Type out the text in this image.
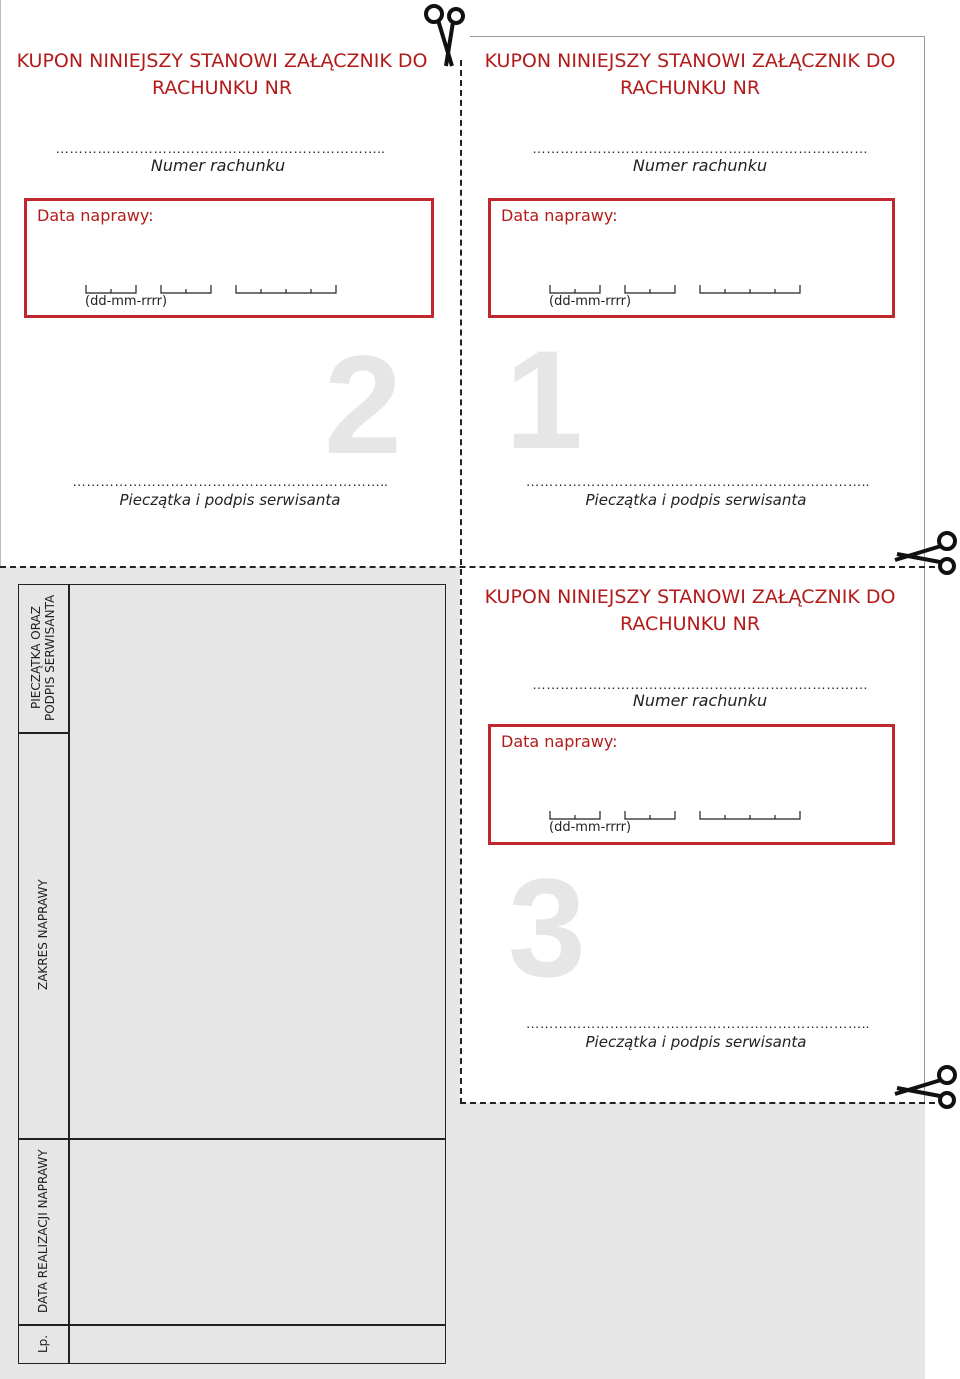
2 1
3
KUPON NINIEJSZY STANOWI ZAŁĄCZNIK DO
RACHUNKU NR
……………………………………………………………..
Numer rachunku
Data naprawy:
(dd-mm-rrrr)
…………………………………………………………..
Pieczątka i podpis serwisanta
KUPON NINIEJSZY STANOWI ZAŁĄCZNIK DO
RACHUNKU NR
………………………………………………………………
Numer rachunku
Data naprawy:
(dd-mm-rrrr)
………………………………………………………………..
Pieczątka i podpis serwisanta
KUPON NINIEJSZY STANOWI ZAŁĄCZNIK DO
RACHUNKU NR
………………………………………………………………
Numer rachunku
Data naprawy:
(dd-mm-rrrr)
………………………………………………………………..
Pieczątka i podpis serwisanta
PIECZĄTKA ORAZ PODPIS SERWISANTA
ZAKRES NAPRAWY
DATA REALIZACJI NAPRAWY
Lp.
